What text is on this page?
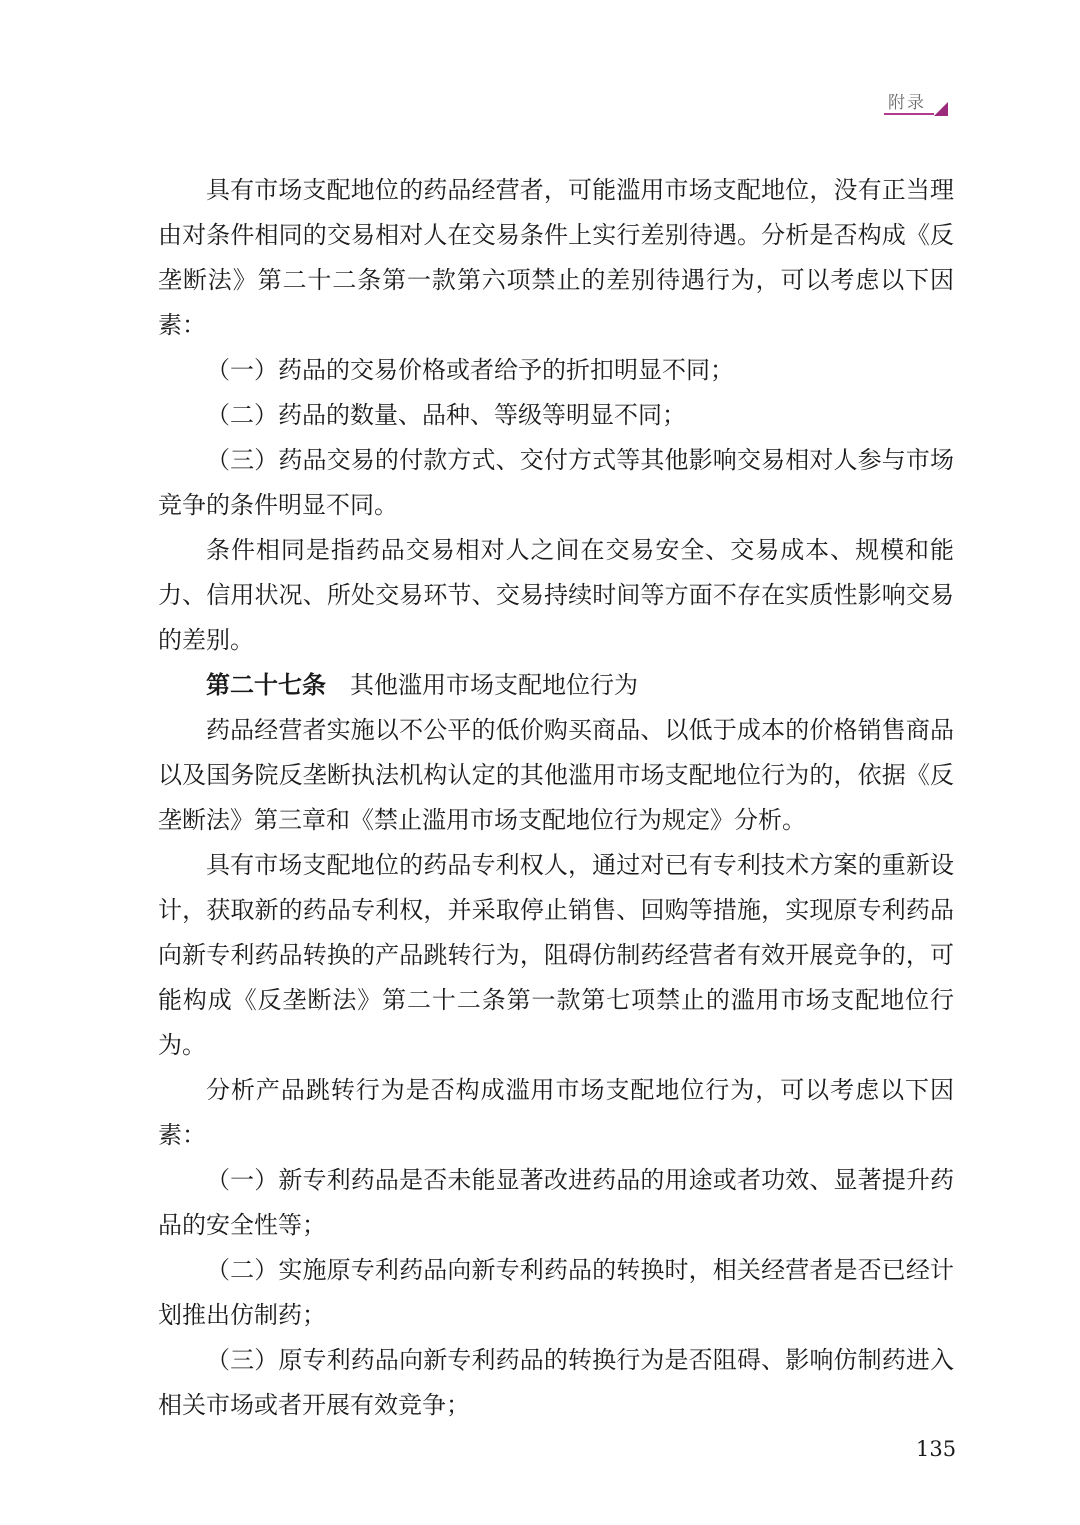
附录

具有市场支配地位的药品经营者，可能滥用市场支配地位，没有正当理由对条件相同的交易相对人在交易条件上实行差别待遇。分析是否构成《反垄断法》第二十二条第一款第六项禁止的差别待遇行为，可以考虑以下因素：

（一）药品的交易价格或者给予的折扣明显不同；

（二）药品的数量、品种、等级等明显不同；

（三）药品交易的付款方式、交付方式等其他影响交易相对人参与市场竞争的条件明显不同。

条件相同是指药品交易相对人之间在交易安全、交易成本、规模和能力、信用状况、所处交易环节、交易持续时间等方面不存在实质性影响交易的差别。

第二十七条　 其他滥用市场支配地位行为

药品经营者实施以不公平的低价购买商品、以低于成本的价格销售商品以及国务院反垄断执法机构认定的其他滥用市场支配地位行为的，依据《反垄断法》第三章和《禁止滥用市场支配地位行为规定》分析。

具有市场支配地位的药品专利权人，通过对已有专利技术方案的重新设计，获取新的药品专利权，并采取停止销售、回购等措施，实现原专利药品向新专利药品转换的产品跳转行为，阻碍仿制药经营者有效开展竞争的，可能构成《反垄断法》第二十二条第一款第七项禁止的滥用市场支配地位行为。

分析产品跳转行为是否构成滥用市场支配地位行为，可以考虑以下因素：

（一）新专利药品是否未能显著改进药品的用途或者功效、显著提升药品的安全性等；

（二）实施原专利药品向新专利药品的转换时，相关经营者是否已经计划推出仿制药；

（三）原专利药品向新专利药品的转换行为是否阻碍、影响仿制药进入相关市场或者开展有效竞争；

135
